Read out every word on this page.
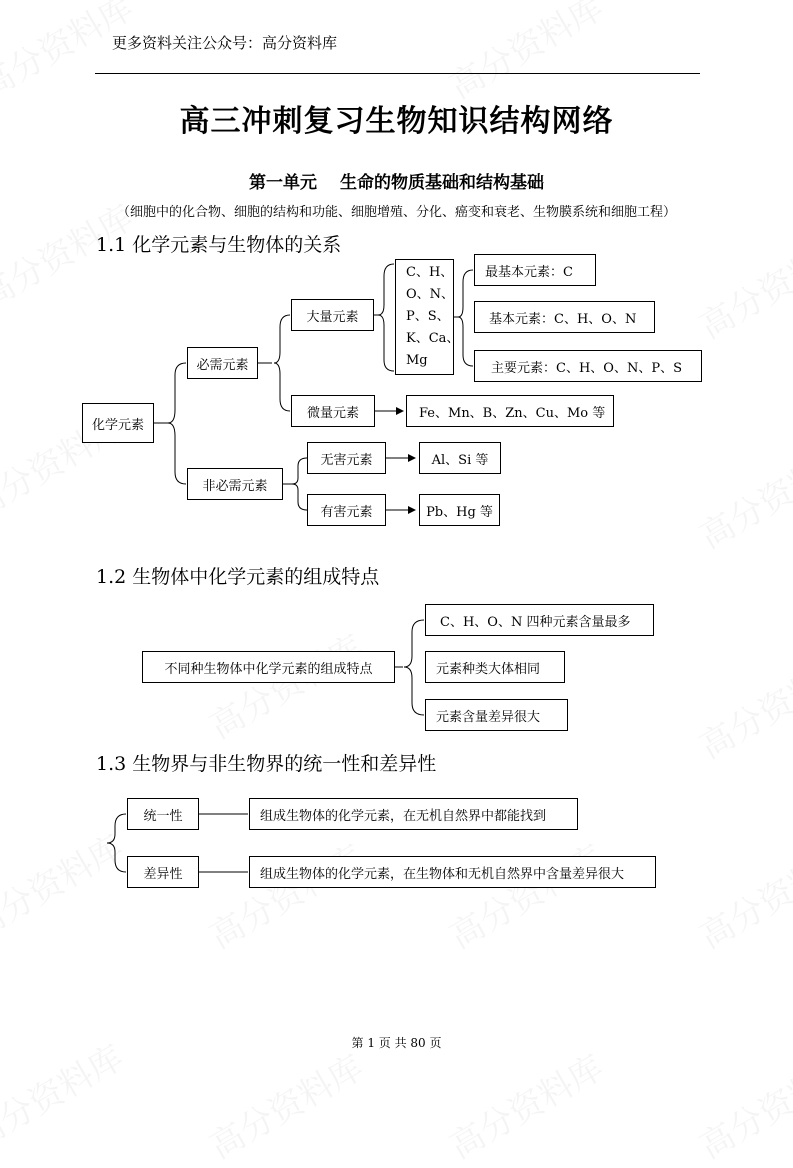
更多资料关注公众号：高分资料库
高三冲刺复习生物知识结构网络
第一单元　 生命的物质基础和结构基础
（细胞中的化合物、细胞的结构和功能、细胞增殖、分化、癌变和衰老、生物膜系统和细胞工程）
1.1 化学元素与生物体的关系
1.2 生物体中化学元素的组成特点
1.3 生物界与非生物界的统一性和差异性
化学元素
必需元素
非必需元素
大量元素
微量元素
C、H、
O、N、
P、S、
K、Ca、
Mg
最基本元素：C
基本元素：C、H、O、N
主要元素：C、H、O、N、P、S
Fe、Mn、B、Zn、Cu、Mo 等
无害元素
有害元素
Al、Si 等
Pb、Hg 等
不同种生物体中化学元素的组成特点
C、H、O、N 四种元素含量最多
元素种类大体相同
元素含量差异很大
统一性
差异性
组成生物体的化学元素，在无机自然界中都能找到
组成生物体的化学元素，在生物体和无机自然界中含量差异很大
第 1 页 共 80 页
